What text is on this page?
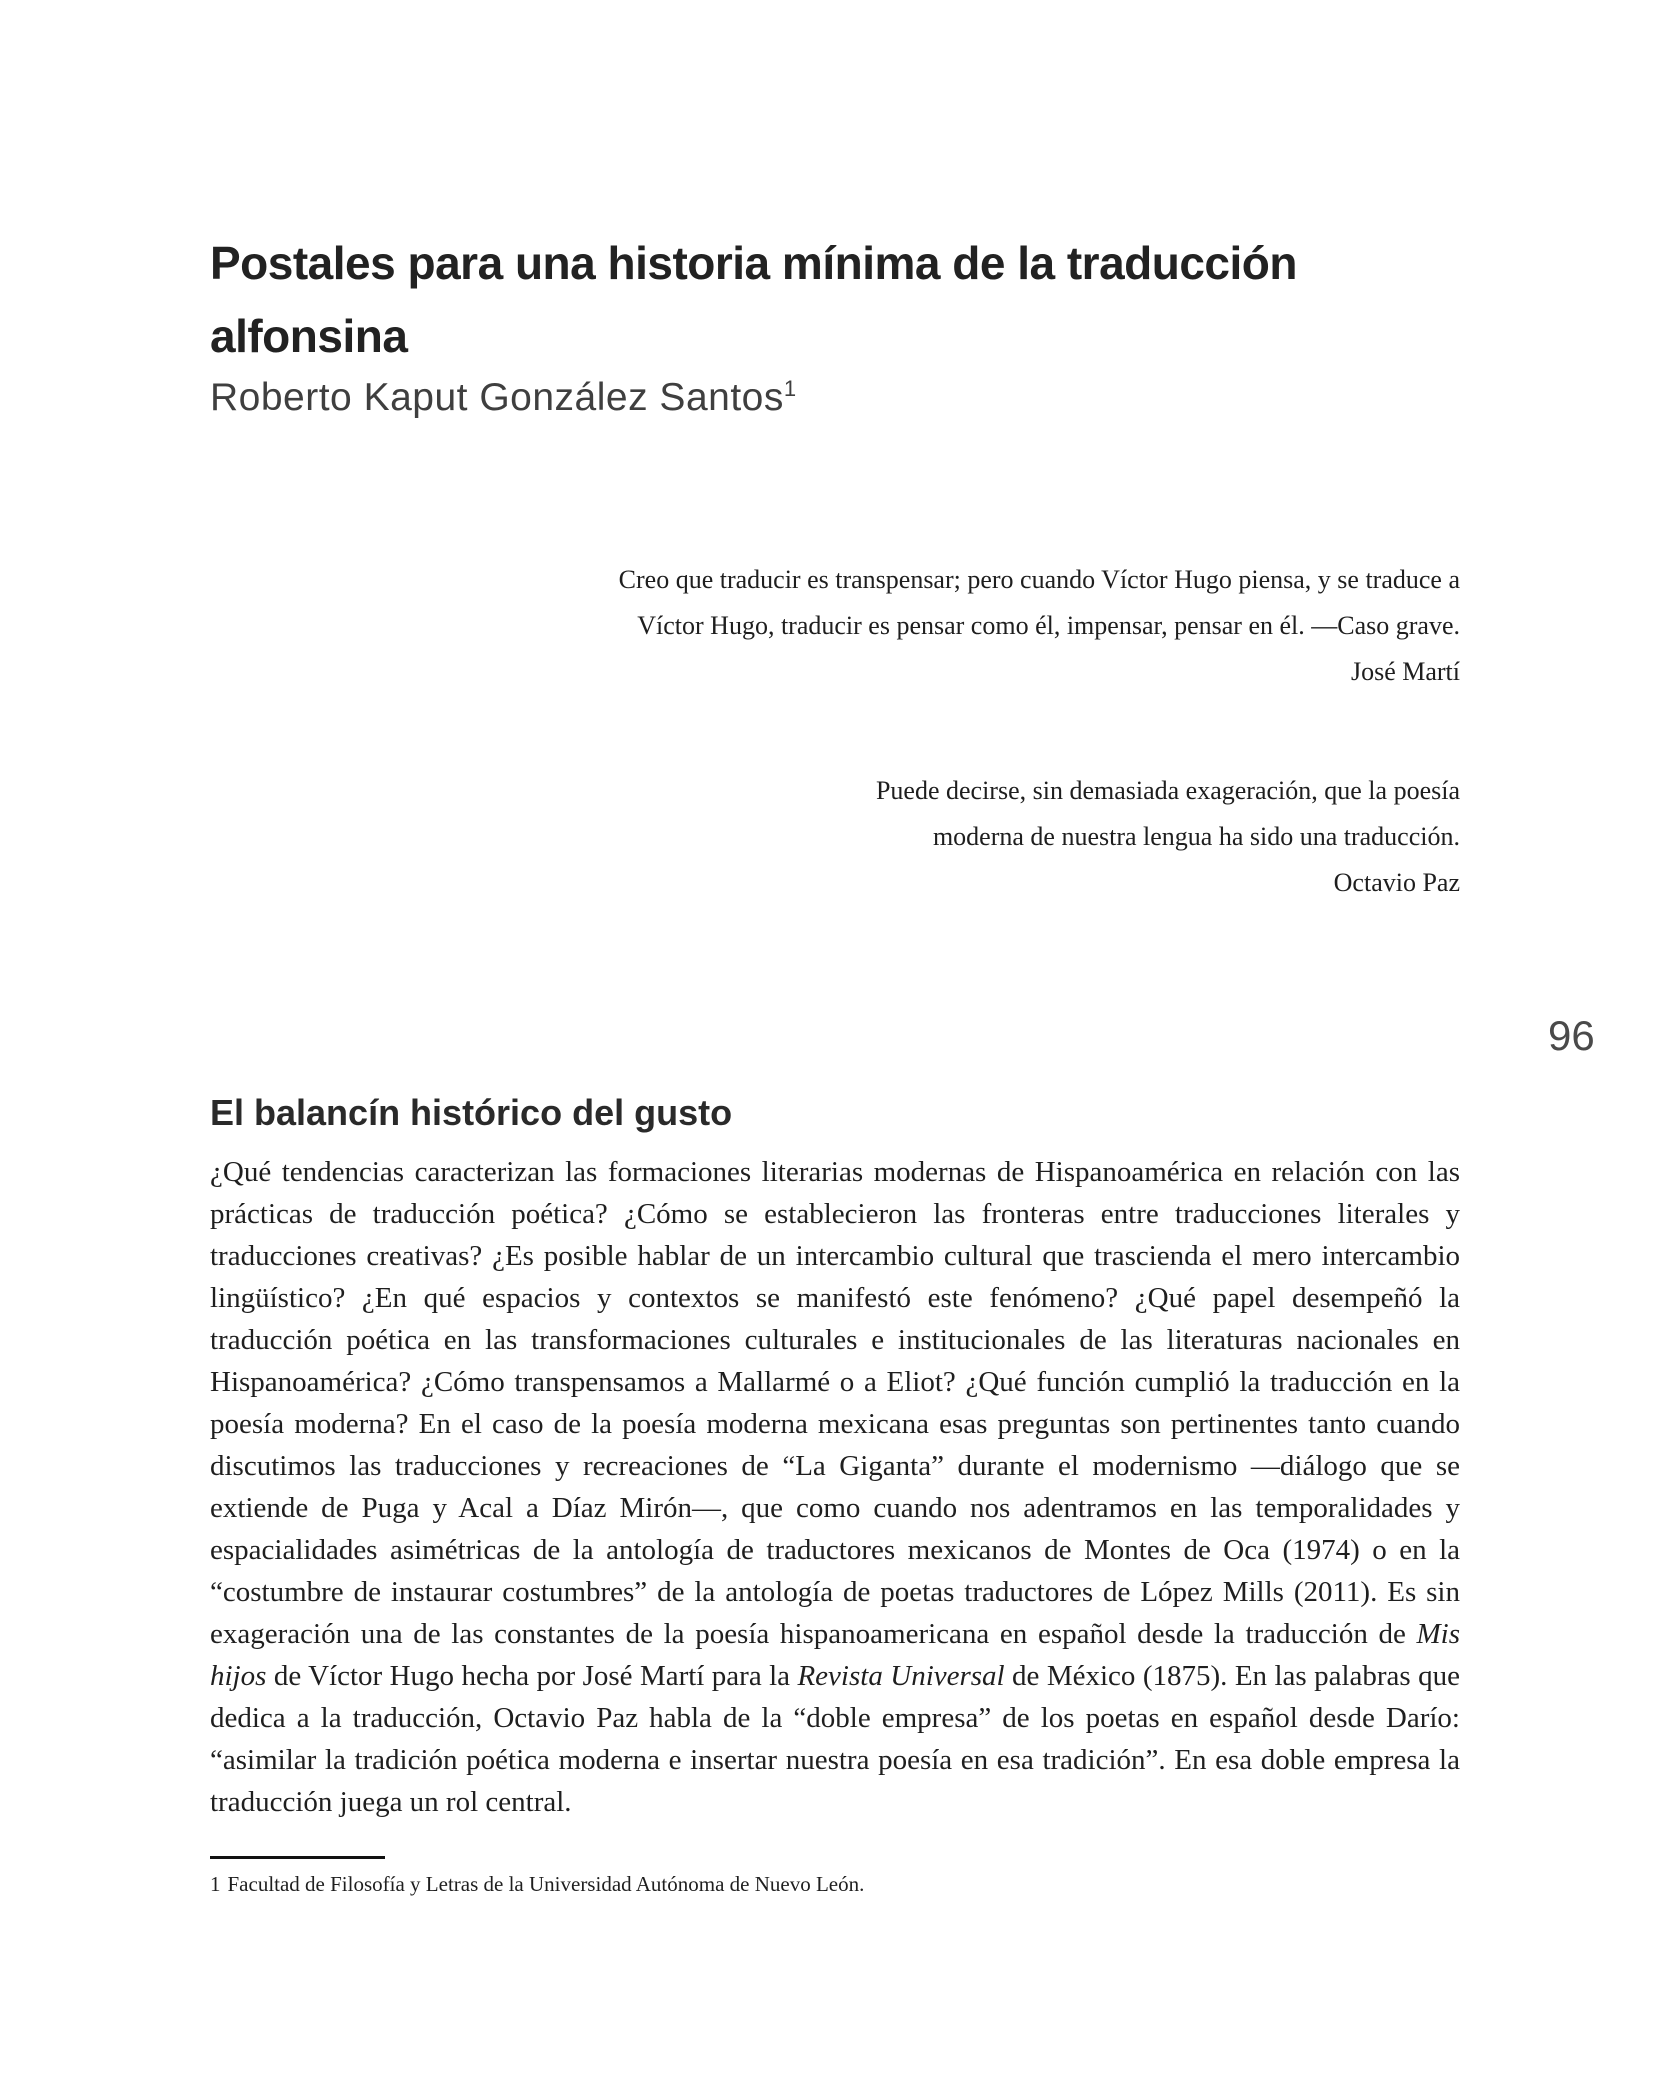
Postales para una historia mínima de la traducción alfonsina
Roberto Kaput González Santos$^1$
Creo que traducir es transpensar; pero cuando Víctor Hugo piensa, y se traduce a
Víctor Hugo, traducir es pensar como él, impensar, pensar en él. —Caso grave.
José Martí
Puede decirse, sin demasiada exageración, que la poesía
moderna de nuestra lengua ha sido una traducción.
Octavio Paz
96
El balancín histórico del gusto

¿Qué tendencias caracterizan las formaciones literarias modernas de Hispanoamérica en relación con las prácticas de traducción poética? ¿Cómo se establecieron las fronteras entre traducciones literales y traducciones creativas? ¿Es posible hablar de un intercambio cultural que trascienda el mero intercambio lingüístico? ¿En qué espacios y contextos se manifestó este fenómeno? ¿Qué papel desempeñó la traducción poética en las transformaciones culturales e institucionales de las literaturas nacionales en Hispanoamérica? ¿Cómo transpensamos a Mallarmé o a Eliot? ¿Qué función cumplió la traducción en la poesía moderna? En el caso de la poesía moderna mexicana esas preguntas son pertinentes tanto cuando discutimos las traducciones y recreaciones de “La Giganta” durante el modernismo —diálogo que se extiende de Puga y Acal a Díaz Mirón—, que como cuando nos adentramos en las temporalidades y espacialidades asimétricas de la antología de traductores mexicanos de Montes de Oca (1974) o en la “costumbre de instaurar costumbres” de la antología de poetas traductores de López Mills (2011). Es sin exageración una de las constantes de la poesía hispanoamericana en español desde la traducción de Mis hijos de Víctor Hugo hecha por José Martí para la Revista Universal de México (1875). En las palabras que dedica a la traducción, Octavio Paz habla de la “doble empresa” de los poetas en español desde Darío: “asimilar la tradición poética moderna e insertar nuestra poesía en esa tradición”. En esa doble empresa la traducción juega un rol central.

1 Facultad de Filosofía y Letras de la Universidad Autónoma de Nuevo León.
